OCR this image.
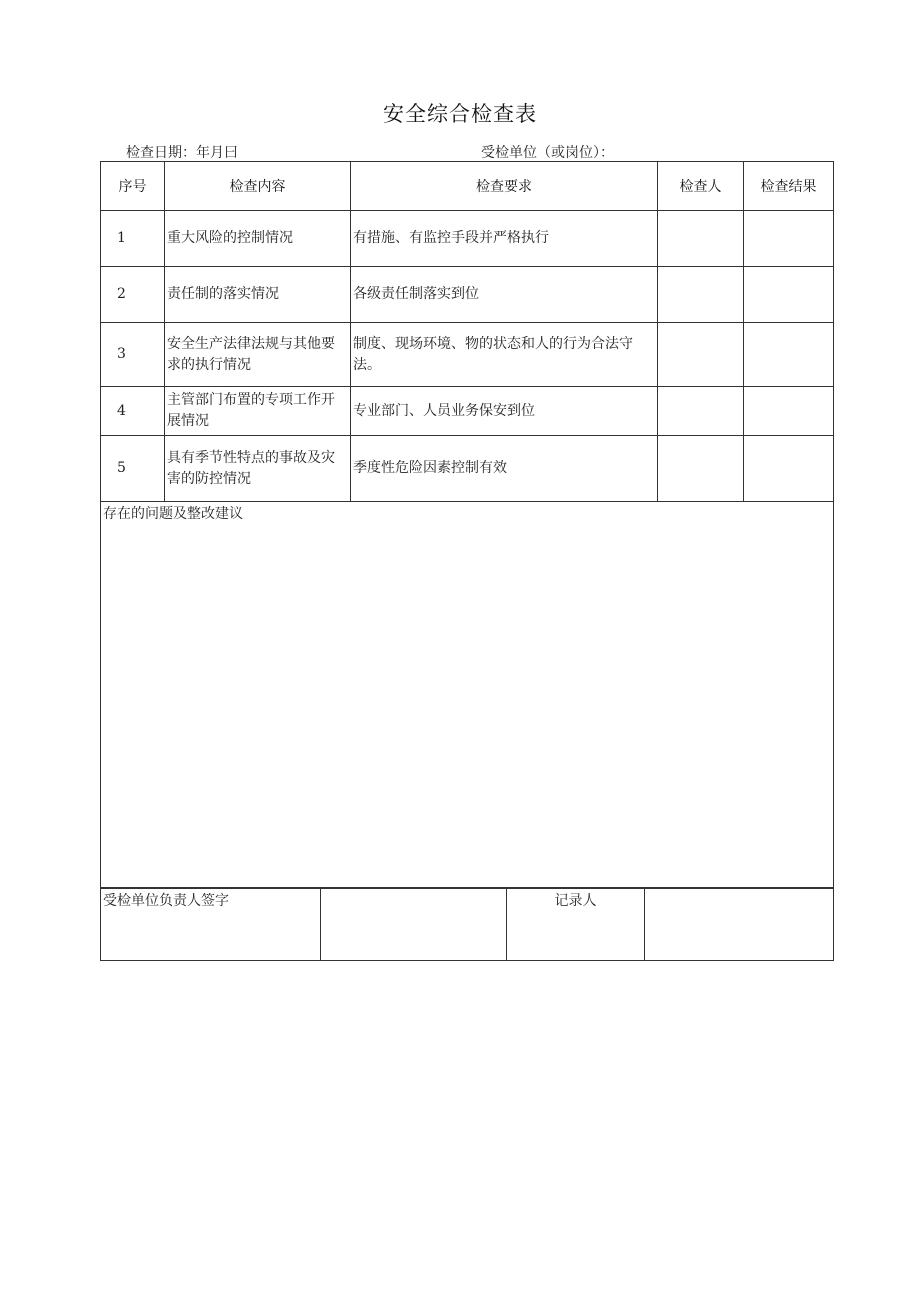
安全综合检查表
检查日期：年月曰	受检单位（或岗位）：
序号	检查内容	检查要求	检查人	检查结果
1	重大风险的控制情况	有措施、有监控手段并严格执行		
2	责任制的落实情况	各级责任制落实到位		
3	安全生产法律法规与其他要求的执行情况	制度、现场环境、物的状态和人的行为合法守法。		
4	主管部门布置的专项工作开展情况	专业部门、人员业务保安到位		
5	具有季节性特点的事故及灾害的防控情况	季度性危险因素控制有效		
存在的问题及整改建议				
受检单位负责人签字		记录人	
